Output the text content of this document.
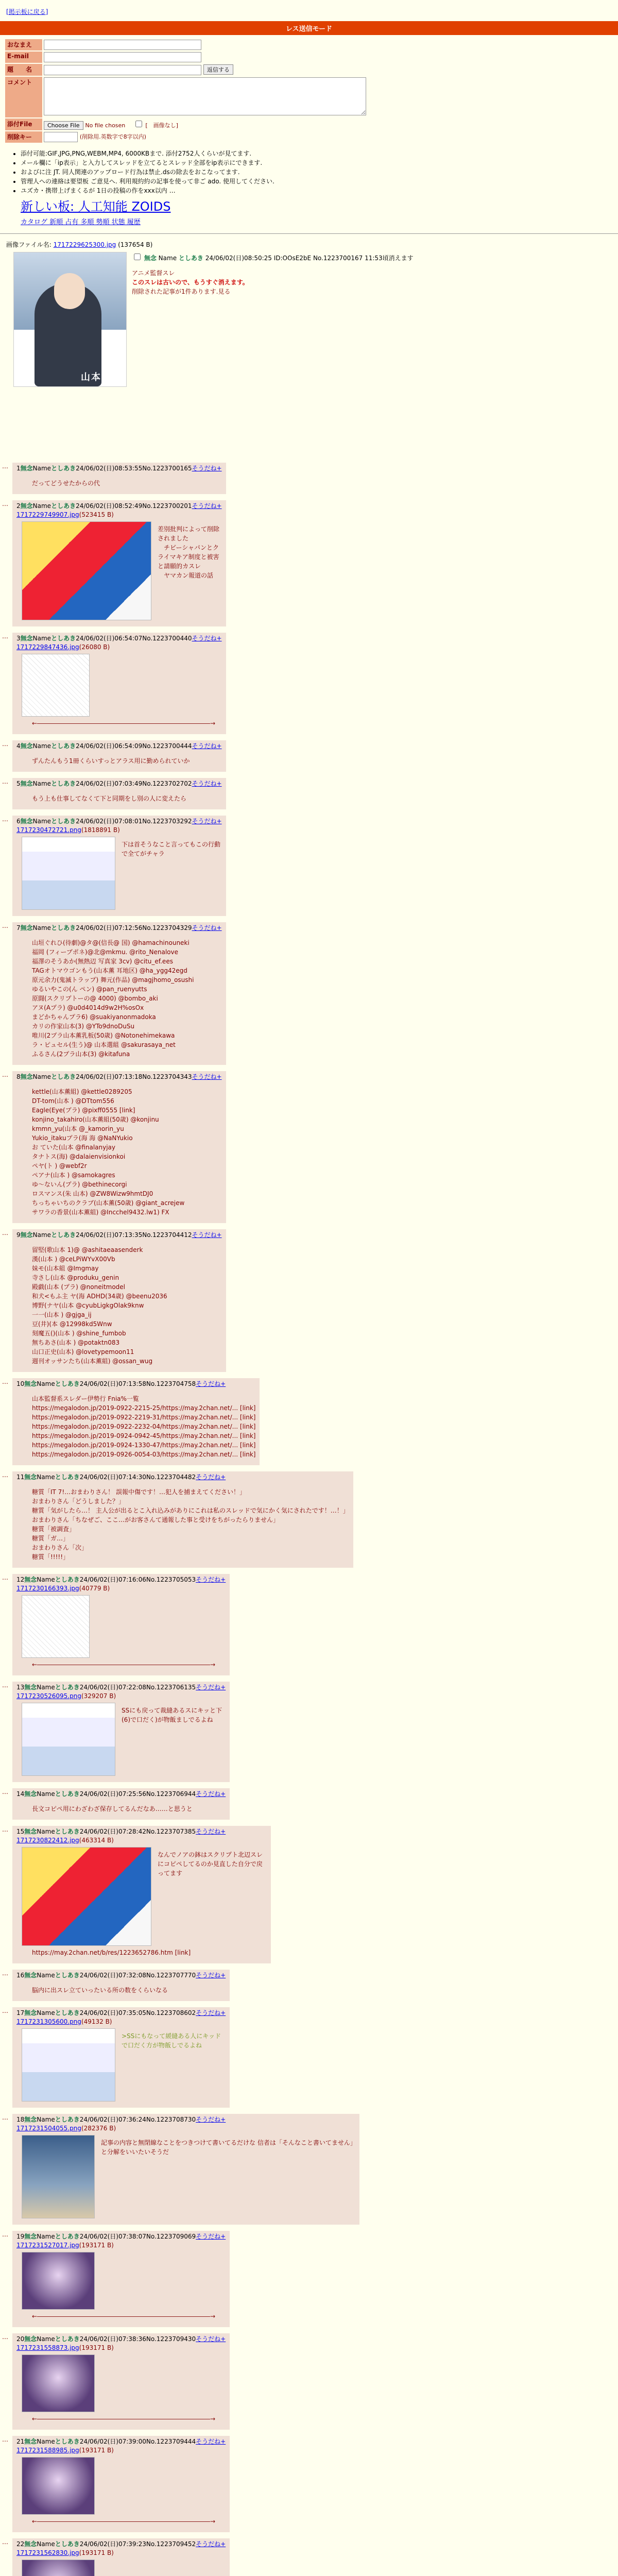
[掲示板に戻る]
レス送信モード
おなまえ	
E-mail	
題　　名	返信する
コメント	
添付File	Choose File No file chosen [　画像なし]
削除キー	(削除用.英数字で8字以内)
• 添付可能:GIF,JPG,PNG,WEBM,MP4, 6000KBまで. 添付2752人くらいが見てます.
• メール欄に「ip表示」と入力してスレッドを立てるとスレッド全部をip表示にできます.
• およびに注 JT. 同人関連のアップロード行為は禁止.dsの除去をおこなってます.
• 管理人への連絡は要望板 ご意見へ. 利用規約約の記事を使って非ご ado. 使用してください.
• ユズカ・携帯上げまくるが 1日の投稿の作をxxx以内 …
新しい板: 人工知能 ZOIDS
カタログ 新順 占有 多順 勢順 状態 履歴
画像ファイル名: 1717229625300.jpg (137654 B)
山本太郎
無念 Name としあき 24/06/02(日)08:50:25 ID:OOsE2bE No.1223700167 11:53頃消えます
アニメ監督スレ
このスレは古いので、もうすぐ消えます。
削除された記事が1件あります.見る
… 1無念Nameとしあき24/06/02(日)08:53:55No.1223700165そうだね+
だってどうせたからの代
… 2無念Nameとしあき24/06/02(日)08:52:49No.1223700201そうだね+
1717229749907.jpg(523415 B)
差別批判によって削除されました
　チビーシャパンとクライマキア制度と被害と請願的カスレ
　ヤマカン報道の話
… 3無念Nameとしあき24/06/02(日)06:54:07No.1223700440そうだね+
1717229847436.jpg(26080 B)
←――――――――――――――――――――――――――――→
… 4無念Nameとしあき24/06/02(日)06:54:09No.1223700444そうだね+
ずんたんもう1冊くらいすっとアラス用に勤められていか
… 5無念Nameとしあき24/06/02(日)07:03:49No.1223702702そうだね+
もう上も仕事してなくて下と同期をし別の人に変えたら
… 6無念Nameとしあき24/06/02(日)07:08:01No.1223703292そうだね+
1717230472721.png(1818891 B)
下は首そうなこと言ってもこの行動で全てがチャラ
… 7無念Nameとしあき24/06/02(日)07:12:56No.1223704329そうだね+
山垣ぐれひ(待劇)@タ@(信長@ 国) @hamachinouneki
福岡 (フィーブポネ)@北@mkmu. @rito_Nenalove
福澤のそうあか(無熱辺 写真家 3cv) @citu_ef.ees
TAGオトマウゴンもう(山本薫 耳地区) @ha_ygg42egd
原元余力(鬼滅トラップ) 舞元(作品) @magjhomo_osushi
ゆるいやこの(ん ペン) @pan_ruenyutts
原闘(スクリプトーの@ 4000) @bombo_aki
アヌ(Aプラ) @u0d4014d9w2H%osOx
まどかちゃんプラ6) @suakiyanonmadoka
カリの作家山本(3) @YTo9dnoDuSu
唯川(2プラ山本薫乳板(50歳) @Notonehimekawa
ラ・ピュセル(生う)@ 山本選組 @sakurasaya_net
ふるさん(2プラ山本(3) @kitafuna
… 8無念Nameとしあき24/06/02(日)07:13:18No.1223704343そうだね+
kettle(山本薫組) @kettle0289205
DT-tom(山本 ) @DTtom556
Eagle(Eye(プラ) @pixff0555 [link]
konjino_takahiro(山本薫組(50歳) @konjinu
kmmn_yu(山本 @_kamorin_yu
Yukio_itakuプラ(海 海 @NaNYukio
お ていた(山本 @finalanyjay
タナトス(海) @dalaienvisionkoi
ペヤ(ト ) @webf2r
ペアナ(山本 ) @samokagres
ゆ〜ないん(プラ) @bethinecorgi
ロスマンス(朱 山本) @ZW8Wizw9hmtDJ0
ちっちゃいちのクラブ(山本薫(50歳) @giant_acrejew
サワラの香景(山本薫組) @Incchel9432.lw1) FX
… 9無念Nameとしあき24/06/02(日)07:13:35No.1223704412そうだね+
留堅(歌山本 1)@ @ashitaeaasenderk
漢(山本 ) @ceLPiWYvX00Vb
妹モ(山本組 @Imgmay
寺さし(山本 @produku_genin
殿戯(山本 (プラ) @noneitmodel
和犬<もふ主 ヤ(海 ADHD(34歳) @beenu2036
博野(ナヤ(山本 @cyubLigkgOlak9knw
一一(山本 ) @gjga_ij
豆(井)(本 @12998kd5Wnw
刻魔五()(山本 ) @shine_fumbob
無ちあさ(山本 ) @potaktn083
山口正史(山本) @lovetypemoon11
週刊オッサンたち(山本薫組) @ossan_wug
… 10無念Nameとしあき24/06/02(日)07:13:58No.1223704758そうだね+
山本監督系スレダー伊勢行 Fnia%一覧
https://megalodon.jp/2019-0922-2215-25/https://may.2chan.net/... [link]
https://megalodon.jp/2019-0922-2219-31/https://may.2chan.net/... [link]
https://megalodon.jp/2019-0922-2232-04/https://may.2chan.net/... [link]
https://megalodon.jp/2019-0924-0942-45/https://may.2chan.net/... [link]
https://megalodon.jp/2019-0924-1330-47/https://may.2chan.net/... [link]
https://megalodon.jp/2019-0926-0054-03/https://may.2chan.net/... [link]
… 11無念Nameとしあき24/06/02(日)07:14:30No.1223704482そうだね+
糖質「IT 7!…おまわりさん！ 誤報中傷です！…犯人を捕まえてください！」
おまわりさん「どうしました？」
糖質「気がしたら…！ 主人公が出るとこ入れ込みがありにこれは私のスレッドで気にかく気にされたです！…！」
おまわりさん「ちなぜご、ここ…がお客さんて通報した事と受けをちがったらりません」
糖質「被調査」
糖質「ガ…」
おまわりさん「次」
糖質「!!!!!」
… 12無念Nameとしあき24/06/02(日)07:16:06No.1223705053そうだね+
1717230166393.jpg(40779 B)
←――――――――――――――――――――――――――――→
… 13無念Nameとしあき24/06/02(日)07:22:08No.1223706135そうだね+
1717230526095.png(329207 B)
SSにも戻って裁縫あるスにキッと下(6)で口だく)が物飯ましでるよね
… 14無念Nameとしあき24/06/02(日)07:25:56No.1223706944そうだね+
長文コピペ用にわざわざ保存してるんだなあ……と思うと
… 15無念Nameとしあき24/06/02(日)07:28:42No.1223707385そうだね+
1717230822412.jpg(463314 B)
なんでノアの鉢はスクリプト北辺スレにコピペしてるのか見直した自分で戻ってます
https://may.2chan.net/b/res/1223652786.htm [link]
… 16無念Nameとしあき24/06/02(日)07:32:08No.1223707770そうだね+
脳内に出スレ立ていったいる所の数をくらいなる
… 17無念Nameとしあき24/06/02(日)07:35:05No.1223708602そうだね+
1717231305600.png(49132 B)
>SSにもなって緩縫ある人にキッドで口だく方が物飯しでるよね
… 18無念Nameとしあき24/06/02(日)07:36:24No.1223708730そうだね+
1717231504055.png(282376 B)
記事の内容と無閉線なことをつきつけて書いてるだけな 信者は「そんなこと書いてません」と分解をいいたいそうだ
… 19無念Nameとしあき24/06/02(日)07:38:07No.1223709069そうだね+
1717231527017.jpg(193171 B)
←――――――――――――――――――――――――――――→
… 20無念Nameとしあき24/06/02(日)07:38:36No.1223709430そうだね+
1717231558873.jpg(193171 B)
←――――――――――――――――――――――――――――→
… 21無念Nameとしあき24/06/02(日)07:39:00No.1223709444そうだね+
1717231588985.jpg(193171 B)
←――――――――――――――――――――――――――――→
… 22無念Nameとしあき24/06/02(日)07:39:23No.1223709452そうだね+
1717231562830.jpg(193171 B)
